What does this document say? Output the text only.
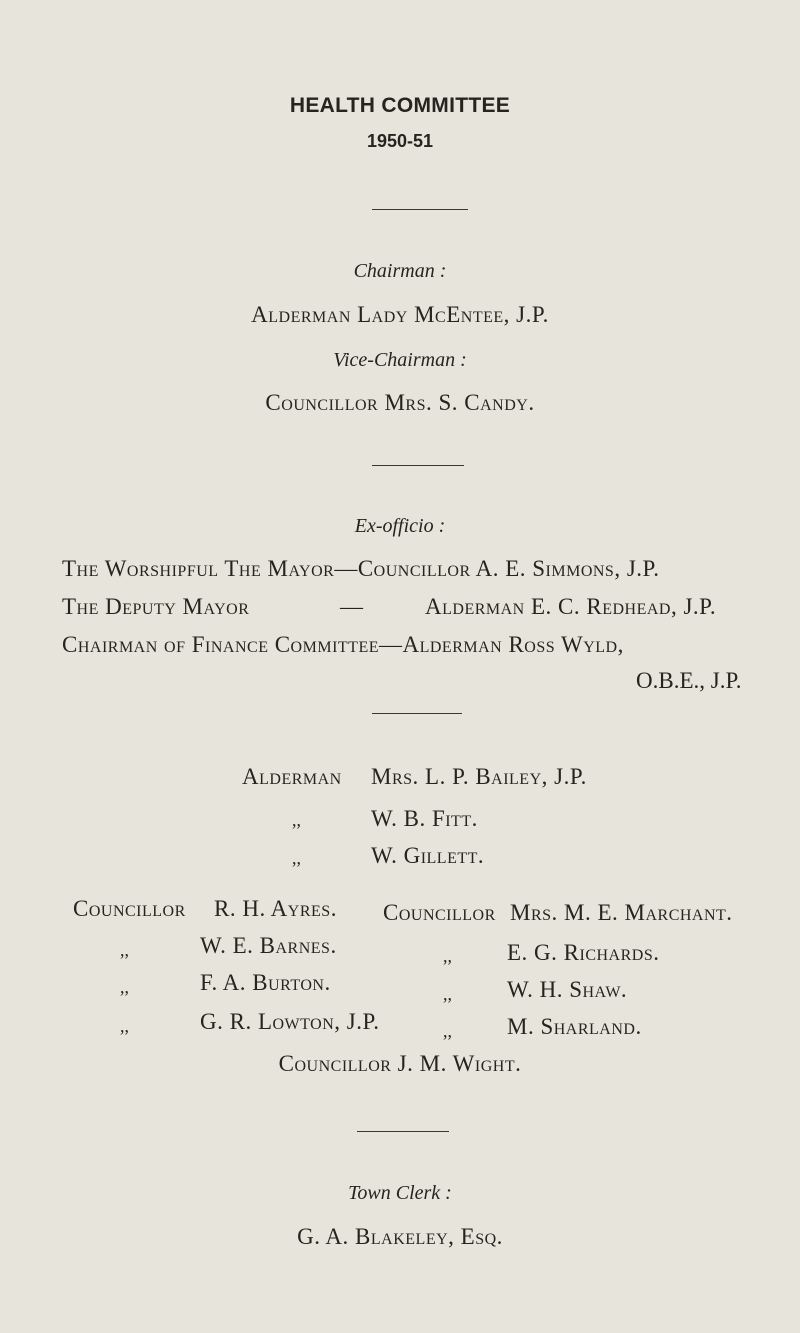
HEALTH COMMITTEE
1950-51
Chairman :
Alderman Lady McEntee, J.P.
Vice-Chairman :
Councillor Mrs. S. Candy.
Ex-officio :
The Worshipful The Mayor—Councillor A. E. Simmons, J.P.
The Deputy Mayor	—	Alderman E. C. Redhead, J.P.
Chairman of Finance Committee—Alderman Ross Wyld,
O.B.E., J.P.
Alderman Mrs. L. P. Bailey, J.P.
,,	W. B. Fitt.
,,	W. Gillett.
Councillor R. H. Ayres. Councillor Mrs. M. E. Marchant.
,,	W. E. Barnes.	,, E. G. Richards.
,,	F. A. Burton.	,, W. H. Shaw.
,,	G. R. Lowton, J.P.	,, M. Sharland.
Councillor J. M. Wight.
Town Clerk :
G. A. Blakeley, Esq.
